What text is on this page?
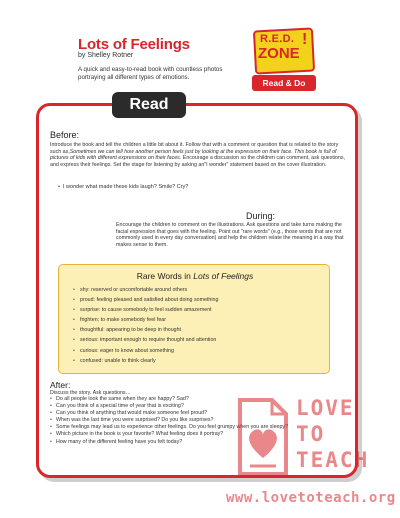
Lots of Feelings
by Shelley Rotner
A quick and easy-to-read book with countless photos portraying all different types of emotions.
R.E.D.
ZONE
!
Read & Do
Read
Before:
Introduce the book and tell the children a little bit about it. Follow that with a comment or question that is related to the story such as,Sometimes we can tell how another person feels just by looking at the expression on their face. This book is full of pictures of kids with different expressions on their faces. Encourage a discussion so the children can comment, ask questions, and express their feelings. Set the stage for listening by asking an"I wonder" statement based on the cover illustration.
•  I wonder what made these kids laugh? Smile? Cry?
During:
Encourage the children to comment on the illustrations. Ask questions and take turns making the facial expression that goes with the feeling. Point out "rare words" (e.g., those words that are not commonly used in every day conversation) and help the children relate the meaning in a way that makes sense to them.
Rare Words in Lots of Feelings
• shy: reserved or uncomfortable around others
• proud: feeling pleased and satisfied about doing something
• surprise: to cause somebody to feel sudden amazement
• frighten: to make somebody feel fear
• thoughtful: appearing to be deep in thought
• serious: important enough to require thought and attention
• curious: eager to know about something
• confused: unable to think clearly
After:
Discuss the story. Ask questions…
• Do all people look the same when they are happy? Sad?
• Can you think of a special time of year that is exciting?
• Can you think of anything that would make someone feel proud?
• When was the last time you were surprised? Do you like surprises?
• Some feelings may lead us to experience other feelings. Do you feel grumpy when you are sleepy?
• Which picture in the book is your favorite? What feeling does it portray?
• How many of the different feeling have you felt today?
LOVE
TO
TEACH
www.lovetoteach.org
